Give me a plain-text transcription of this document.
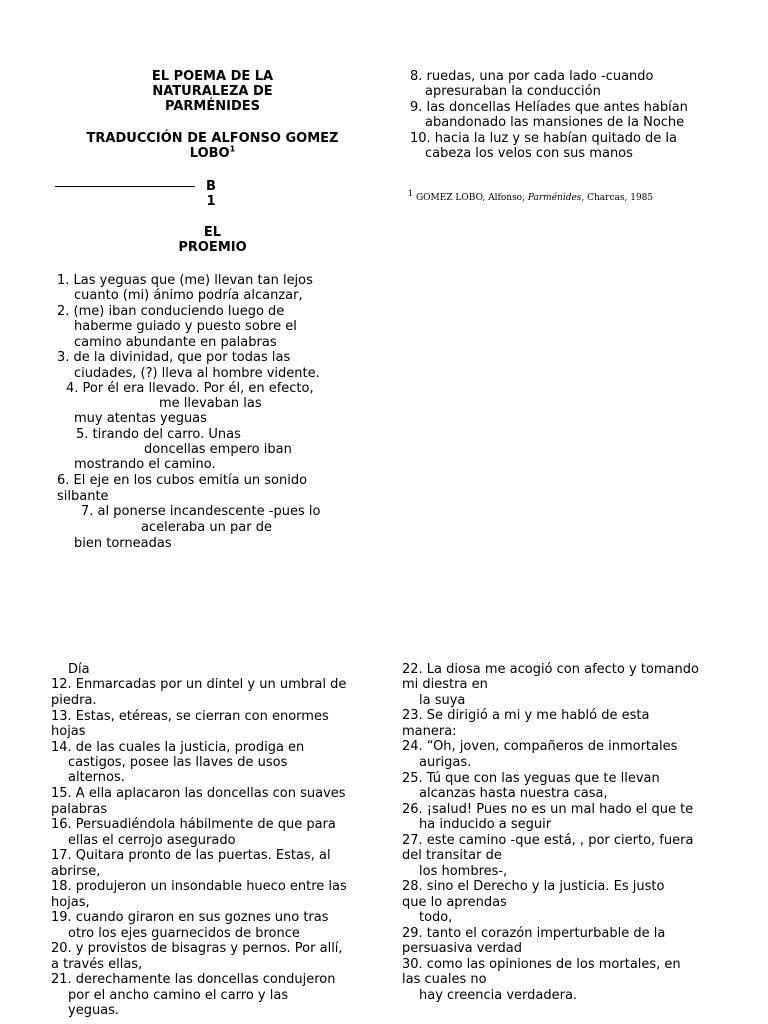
EL POEMA DE LA
NATURALEZA DE
PARMÉNIDES
TRADUCCIÓN DE ALFONSO GOMEZ
LOBO$^1$
B
1
EL
PROEMIO
1. Las yeguas que (me) llevan tan lejos
cuanto (mi) ánimo podría alcanzar,
2. (me) iban conduciendo luego de
haberme guiado y puesto sobre el
camino abundante en palabras
3. de la divinidad, que por todas las
ciudades, (?) lleva al hombre vidente.
4. Por él era llevado. Por él, en efecto,
me llevaban las
muy atentas yeguas
5. tirando del carro. Unas
doncellas empero iban
mostrando el camino.
6. El eje en los cubos emitía un sonido
silbante
7. al ponerse incandescente -pues lo
aceleraba un par de
bien torneadas
8. ruedas, una por cada lado -cuando
apresuraban la conducción
9. las doncellas Helíades que antes habían
abandonado las mansiones de la Noche
10. hacia la luz y se habían quitado de la
cabeza los velos con sus manos
$^1$ GOMEZ LOBO, Alfonso, Parménides, Charcas, 1985
Día
12. Enmarcadas por un dintel y un umbral de
piedra.
13. Estas, etéreas, se cierran con enormes
hojas
14. de las cuales la justicia, prodiga en
castigos, posee las llaves de usos
alternos.
15. A ella aplacaron las doncellas con suaves
palabras
16. Persuadiéndola hábilmente de que para
ellas el cerrojo asegurado
17. Quitara pronto de las puertas. Estas, al
abrirse,
18. produjeron un insondable hueco entre las
hojas,
19. cuando giraron en sus goznes uno tras
otro los ejes guarnecidos de bronce
20. y provistos de bisagras y pernos. Por allí,
a través ellas,
21. derechamente las doncellas condujeron
por el ancho camino el carro y las
yeguas.
22. La diosa me acogió con afecto y tomando
mi diestra en
la suya
23. Se dirigió a mi y me habló de esta
manera:
24. “Oh, joven, compañeros de inmortales
aurigas.
25. Tú que con las yeguas que te llevan
alcanzas hasta nuestra casa,
26. ¡salud! Pues no es un mal hado el que te
ha inducido a seguir
27. este camino -que está, , por cierto, fuera
del transitar de
los hombres-,
28. sino el Derecho y la justicia. Es justo
que lo aprendas
todo,
29. tanto el corazón imperturbable de la
persuasiva verdad
30. como las opiniones de los mortales, en
las cuales no
hay creencia verdadera.
